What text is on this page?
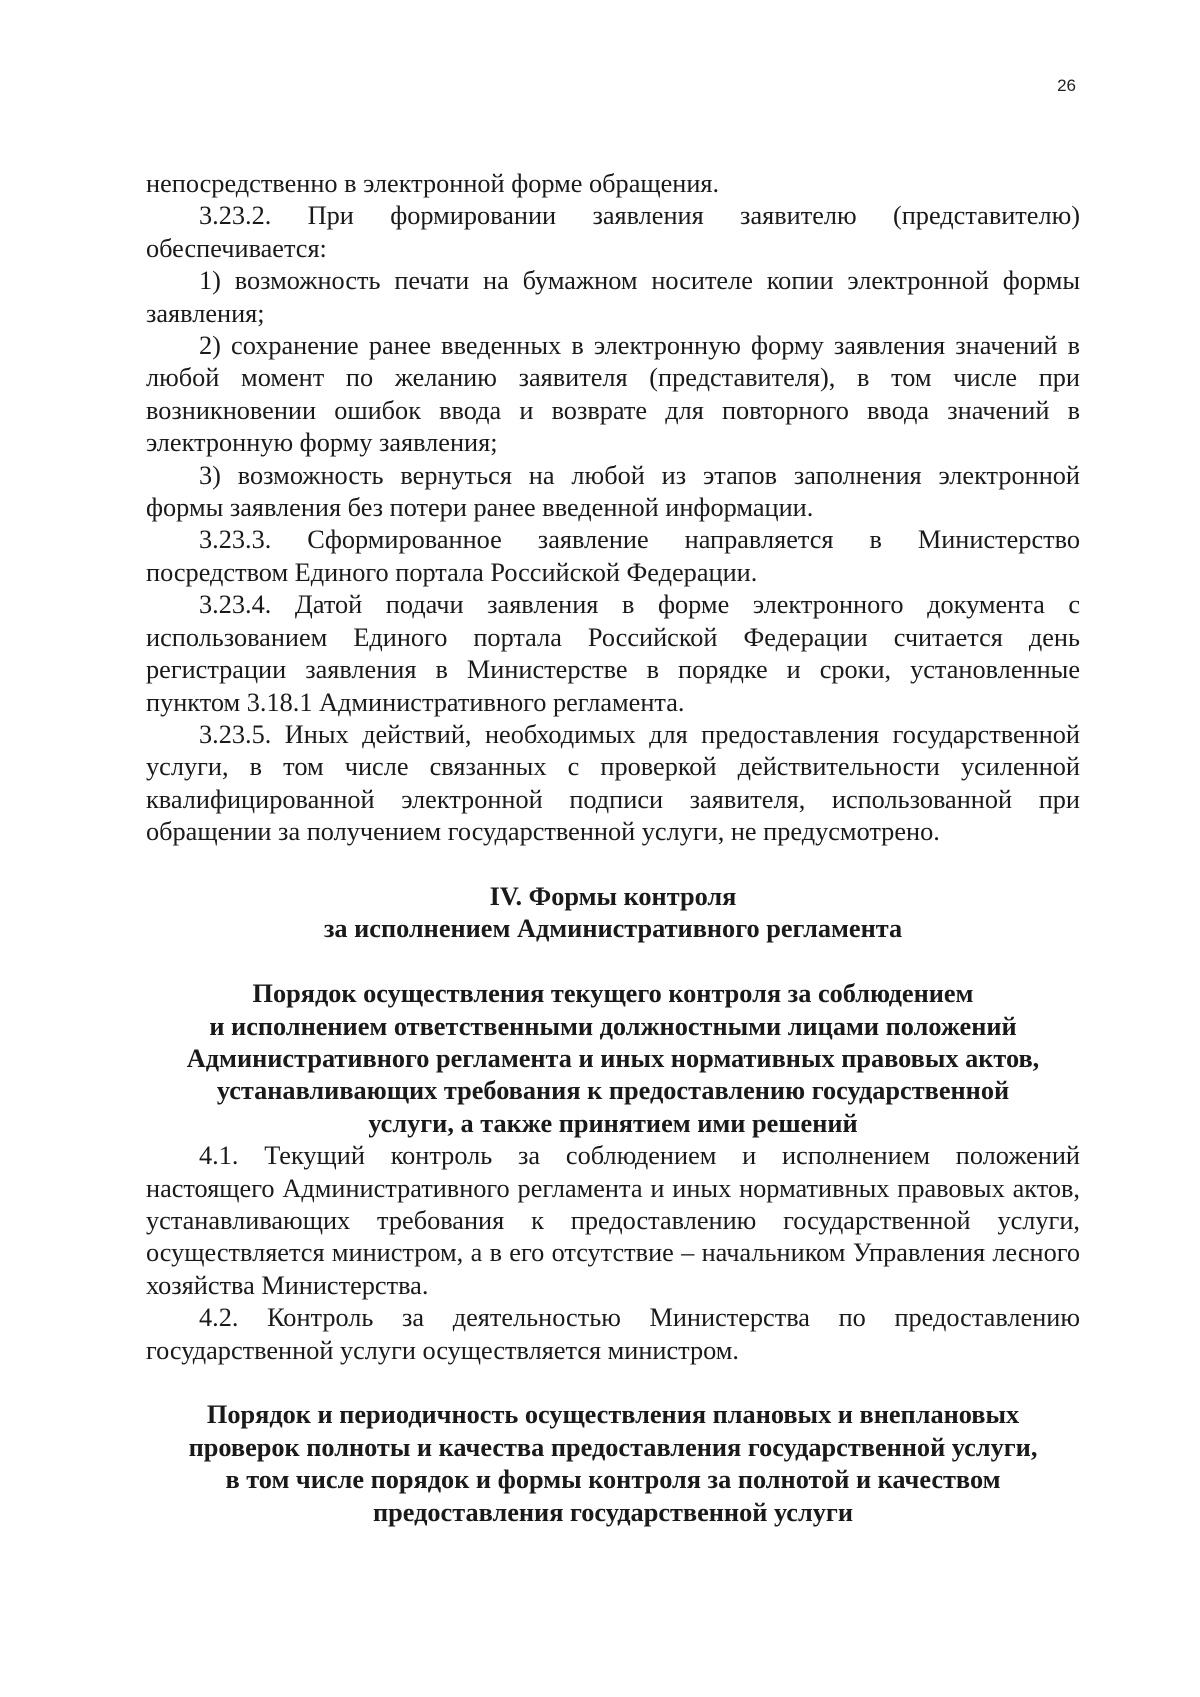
26

непосредственно в электронной форме обращения.

3.23.2. При формировании заявления заявителю (представителю) обеспечивается:

1) возможность печати на бумажном носителе копии электронной формы заявления;

2) сохранение ранее введенных в электронную форму заявления значений в любой момент по желанию заявителя (представителя), в том числе при возникновении ошибок ввода и возврате для повторного ввода значений в электронную форму заявления;

3) возможность вернуться на любой из этапов заполнения электронной формы заявления без потери ранее введенной информации.

3.23.3. Сформированное заявление направляется в Министерство посредством Единого портала Российской Федерации.

3.23.4. Датой подачи заявления в форме электронного документа с использованием Единого портала Российской Федерации считается день регистрации заявления в Министерстве в порядке и сроки, установленные пунктом 3.18.1 Административного регламента.

3.23.5. Иных действий, необходимых для предоставления государственной услуги, в том числе связанных с проверкой действительности усиленной квалифицированной электронной подписи заявителя, использованной при обращении за получением государственной услуги, не предусмотрено.

IV. Формы контроля
за исполнением Административного регламента
Порядок осуществления текущего контроля за соблюдением
и исполнением ответственными должностными лицами положений
Административного регламента и иных нормативных правовых актов,
устанавливающих требования к предоставлению государственной
услуги, а также принятием ими решений

4.1. Текущий контроль за соблюдением и исполнением положений настоящего Административного регламента и иных нормативных правовых актов, устанавливающих требования к предоставлению государственной услуги, осуществляется министром, а в его отсутствие – начальником Управления лесного хозяйства Министерства.

4.2. Контроль за деятельностью Министерства по предоставлению государственной услуги осуществляется министром.

Порядок и периодичность осуществления плановых и внеплановых
проверок полноты и качества предоставления государственной услуги,
в том числе порядок и формы контроля за полнотой и качеством
предоставления государственной услуги
